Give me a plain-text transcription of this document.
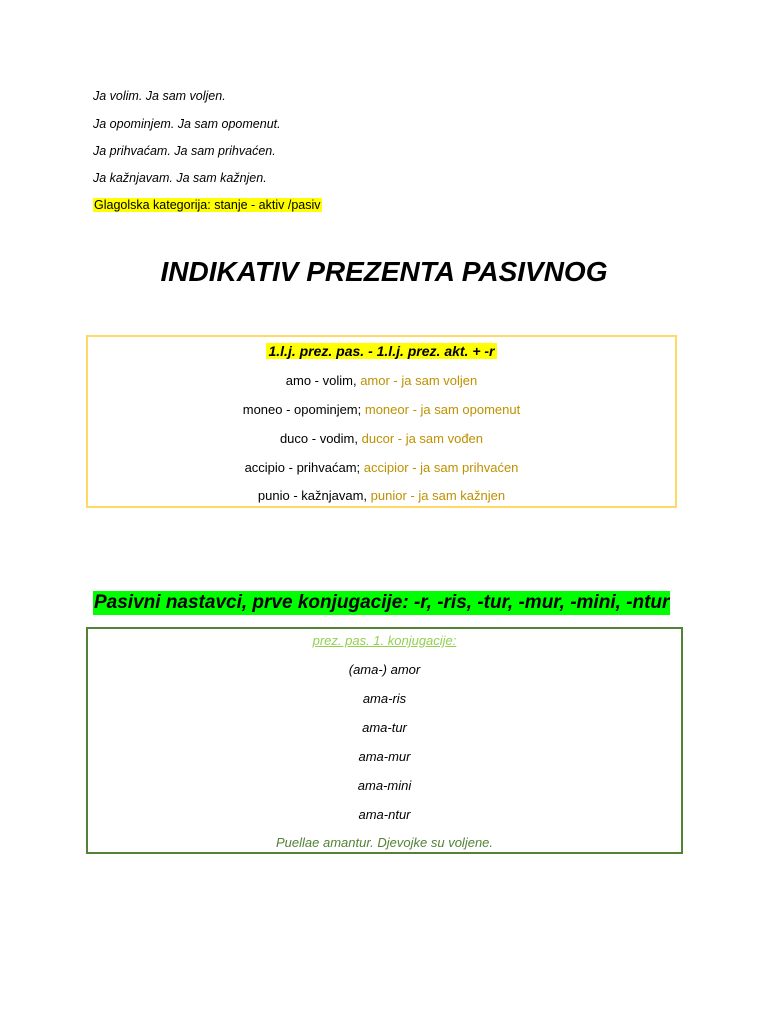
Ja volim. Ja sam voljen.
Ja opominjem. Ja sam opomenut.
Ja prihvaćam. Ja sam prihvaćen.
Ja kažnjavam. Ja sam kažnjen.
Glagolska kategorija: stanje - aktiv /pasiv
INDIKATIV PREZENTA PASIVNOG
1.l.j. prez. pas. - 1.l.j. prez. akt. + -r
amo - volim, amor - ja sam voljen
moneo - opominjem; moneor - ja sam opomenut
duco - vodim, ducor - ja sam vođen
accipio - prihvaćam; accipior - ja sam prihvaćen
punio - kažnjavam, punior - ja sam kažnjen
Pasivni nastavci, prve konjugacije: -r, -ris, -tur, -mur, -mini, -ntur
prez. pas. 1. konjugacije:
(ama-) amor
ama-ris
ama-tur
ama-mur
ama-mini
ama-ntur
Puellae amantur. Djevojke su voljene.
